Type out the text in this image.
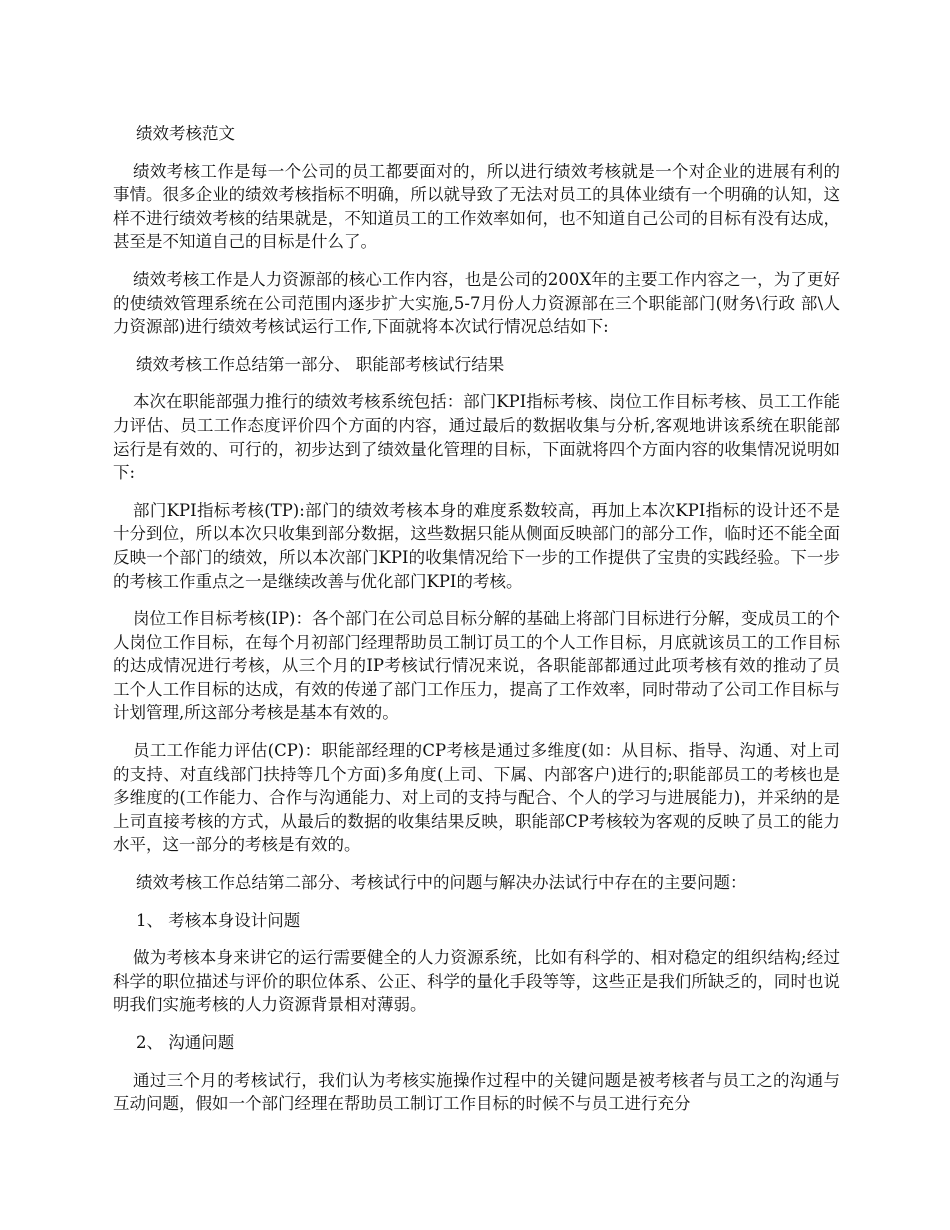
绩效考核范文

绩效考核工作是每一个公司的员工都要面对的，所以进行绩效考核就是一个对企业的进展有利的事情。很多企业的绩效考核指标不明确，所以就导致了无法对员工的具体业绩有一个明确的认知，这样不进行绩效考核的结果就是，不知道员工的工作效率如何，也不知道自己公司的目标有没有达成，甚至是不知道自己的目标是什么了。

绩效考核工作是人力资源部的核心工作内容，也是公司的200X年的主要工作内容之一，为了更好的使绩效管理系统在公司范围内逐步扩大实施,5-7月份人力资源部在三个职能部门(财务\行政 部\人力资源部)进行绩效考核试运行工作,下面就将本次试行情况总结如下:

绩效考核工作总结第一部分、 职能部考核试行结果

本次在职能部强力推行的绩效考核系统包括：部门KPI指标考核、岗位工作目标考核、员工工作能力评估、员工工作态度评价四个方面的内容，通过最后的数据收集与分析,客观地讲该系统在职能部运行是有效的、可行的，初步达到了绩效量化管理的目标，下面就将四个方面内容的收集情况说明如下:

部门KPI指标考核(TP):部门的绩效考核本身的难度系数较高，再加上本次KPI指标的设计还不是十分到位，所以本次只收集到部分数据，这些数据只能从侧面反映部门的部分工作，临时还不能全面反映一个部门的绩效，所以本次部门KPI的收集情况给下一步的工作提供了宝贵的实践经验。下一步的考核工作重点之一是继续改善与优化部门KPI的考核。

岗位工作目标考核(IP)：各个部门在公司总目标分解的基础上将部门目标进行分解，变成员工的个人岗位工作目标，在每个月初部门经理帮助员工制订员工的个人工作目标，月底就该员工的工作目标的达成情况进行考核，从三个月的IP考核试行情况来说，各职能部都通过此项考核有效的推动了员工个人工作目标的达成，有效的传递了部门工作压力，提高了工作效率，同时带动了公司工作目标与计划管理,所这部分考核是基本有效的。

员工工作能力评估(CP)：职能部经理的CP考核是通过多维度(如：从目标、指导、沟通、对上司的支持、对直线部门扶持等几个方面)多角度(上司、下属、内部客户)进行的;职能部员工的考核也是多维度的(工作能力、合作与沟通能力、对上司的支持与配合、个人的学习与进展能力)，并采纳的是上司直接考核的方式，从最后的数据的收集结果反映，职能部CP考核较为客观的反映了员工的能力水平，这一部分的考核是有效的。

绩效考核工作总结第二部分、考核试行中的问题与解决办法试行中存在的主要问题：

1、 考核本身设计问题

做为考核本身来讲它的运行需要健全的人力资源系统，比如有科学的、相对稳定的组织结构;经过科学的职位描述与评价的职位体系、公正、科学的量化手段等等，这些正是我们所缺乏的，同时也说明我们实施考核的人力资源背景相对薄弱。

2、 沟通问题

通过三个月的考核试行，我们认为考核实施操作过程中的关键问题是被考核者与员工之的沟通与互动问题，假如一个部门经理在帮助员工制订工作目标的时候不与员工进行充分
